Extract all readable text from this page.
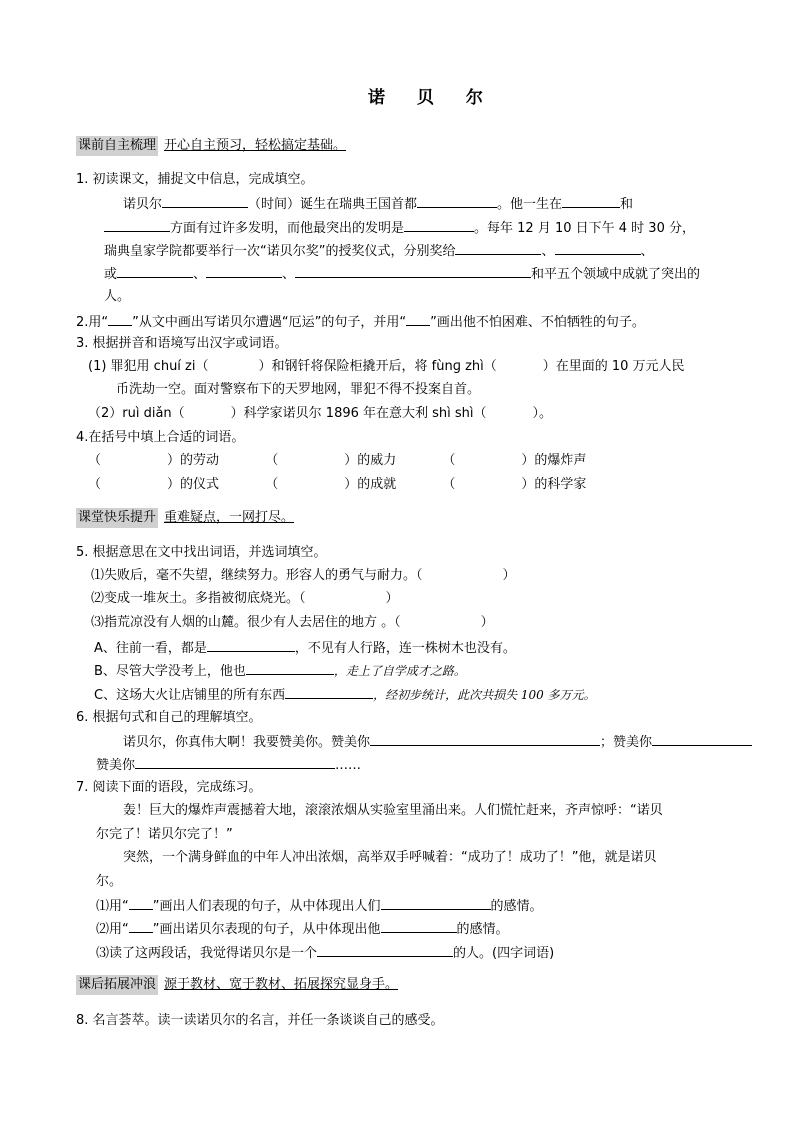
诺 贝 尔
课前自主梳理 开心自主预习，轻松搞定基础。
1. 初读课文，捕捉文中信息，完成填空。
诺贝尔	（时间）诞生在瑞典王国首都	。他一生在	和
方面有过许多发明，而他最突出的发明是	。每年 12 月 10 日下午 4 时 30 分，
瑞典皇家学院都要举行一次“诺贝尔奖”的授奖仪式，分别奖给	、	、
或	、	、	和平五个领域中成就了突出的
人。
2.用“ ”从文中画出写诺贝尔遭遇“厄运”的句子，并用“ ”画出他不怕困难、不怕牺牲的句子。
3. 根据拼音和语境写出汉字或词语。
(1) 罪犯用 chuí zi（	）和钢钎将保险柜撬开后，将 fùnɡ zhì（	）在里面的 10 万元人民
币洗劫一空。面对警察布下的天罗地网，罪犯不得不投案自首。
（2）ruì diǎn（	）科学家诺贝尔 1896 年在意大利 shì shì（	）。
4.在括号中填上合适的词语。
（	）的劳动	（	）的威力	（	）的爆炸声
（	）的仪式	（	）的成就	（	）的科学家
课堂快乐提升 重难疑点，一网打尽。
5. 根据意思在文中找出词语，并选词填空。
⑴失败后，毫不失望，继续努力。形容人的勇气与耐力。（	）
⑵变成一堆灰土。多指被彻底烧光。（	）
⑶指荒凉没有人烟的山麓。很少有人去居住的地方 。（	）
A、往前一看，都是	，不见有人行路，连一株树木也没有。
B、尽管大学没考上，他也	，走上了自学成才之路。
C、这场大火让店铺里的所有东西	，经初步统计，此次共损失 100 多万元。
6. 根据句式和自己的理解填空。
诺贝尔，你真伟大啊！我要赞美你。赞美你	；赞美你
赞美你	……
7. 阅读下面的语段，完成练习。
轰！巨大的爆炸声震撼着大地，滚滚浓烟从实验室里涌出来。人们慌忙赶来，齐声惊呼：“诺贝
尔完了！诺贝尔完了！”
突然，一个满身鲜血的中年人冲出浓烟，高举双手呼喊着：“成功了！成功了！”他，就是诺贝
尔。
⑴用“ ”画出人们表现的句子，从中体现出人们	的感情。
⑵用“ ”画出诺贝尔表现的句子，从中体现出他	的感情。
⑶读了这两段话，我觉得诺贝尔是一个	的人。(四字词语)
课后拓展冲浪 源于教材、宽于教材、拓展探究显身手。
8. 名言荟萃。读一读诺贝尔的名言，并任一条谈谈自己的感受。
